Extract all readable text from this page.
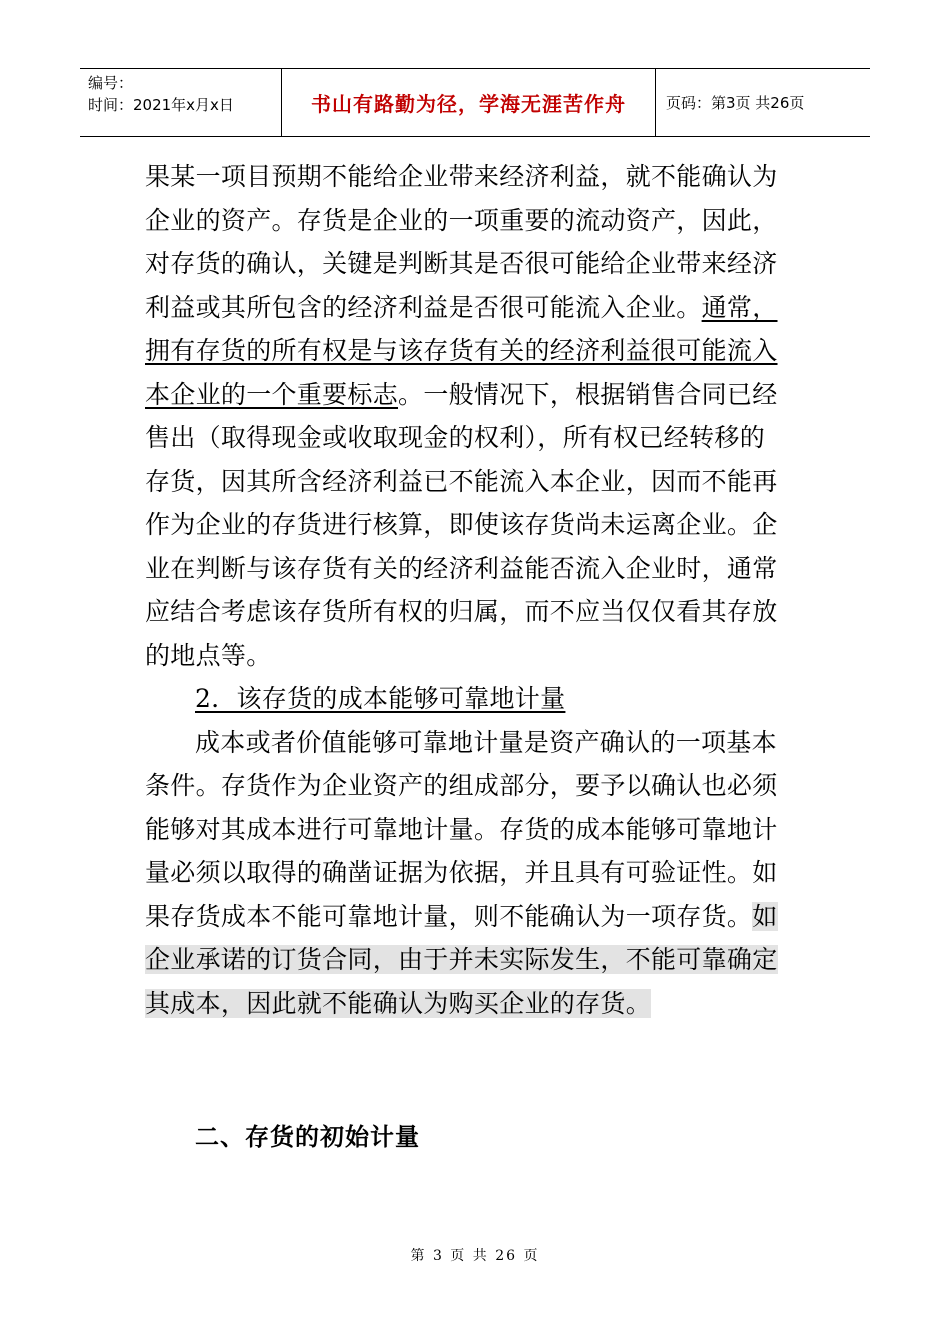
编号：
时间：2021年x月x日	书山有路勤为径，学海无涯苦作舟	页码：第3页 共26页
果某一项目预期不能给企业带来经济利益，就不能确认为
企业的资产。存货是企业的一项重要的流动资产，因此，
对存货的确认，关键是判断其是否很可能给企业带来经济
利益或其所包含的经济利益是否很可能流入企业。通常，
拥有存货的所有权是与该存货有关的经济利益很可能流入
本企业的一个重要标志。一般情况下，根据销售合同已经
售出（取得现金或收取现金的权利），所有权已经转移的
存货，因其所含经济利益已不能流入本企业，因而不能再
作为企业的存货进行核算，即使该存货尚未运离企业。企
业在判断与该存货有关的经济利益能否流入企业时，通常
应结合考虑该存货所有权的归属，而不应当仅仅看其存放
的地点等。
2．该存货的成本能够可靠地计量
成本或者价值能够可靠地计量是资产确认的一项基本
条件。存货作为企业资产的组成部分，要予以确认也必须
能够对其成本进行可靠地计量。存货的成本能够可靠地计
量必须以取得的确凿证据为依据，并且具有可验证性。如
果存货成本不能可靠地计量，则不能确认为一项存货。如
企业承诺的订货合同，由于并未实际发生，不能可靠确定
其成本，因此就不能确认为购买企业的存货。
二、存货的初始计量
第 3 页 共 26 页
